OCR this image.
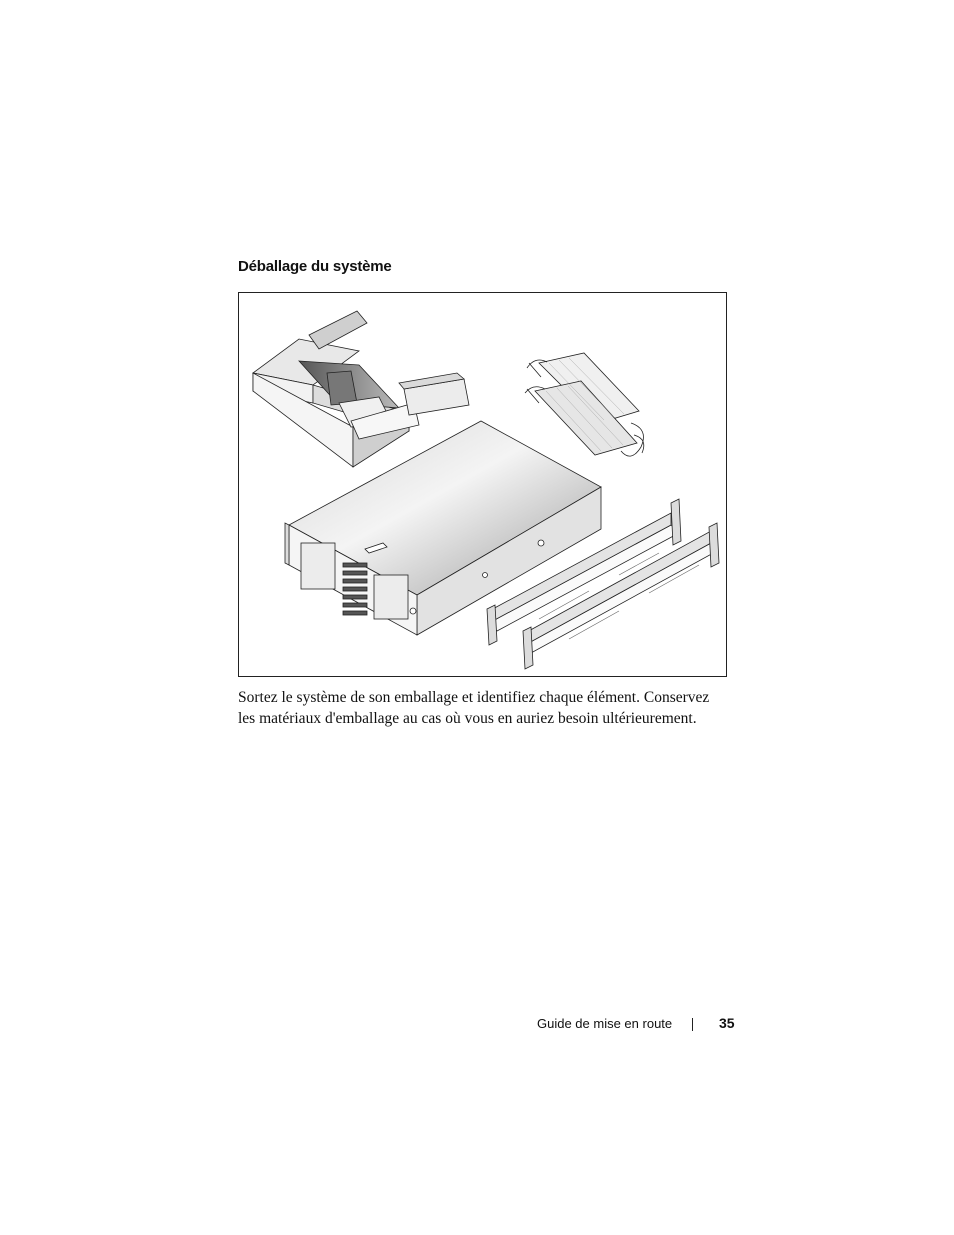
Déballage du système
Sortez le système de son emballage et identifiez chaque élément. Conservez
les matériaux d'emballage au cas où vous en auriez besoin ultérieurement.
Guide de mise en route	35
